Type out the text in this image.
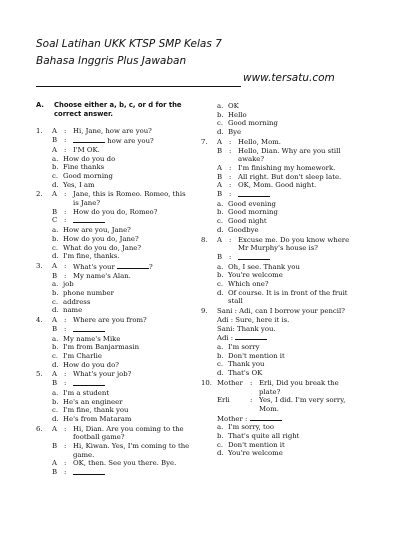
Soal Latihan UKK KTSP SMP Kelas 7
Bahasa Inggris Plus Jawaban
www.tersatu.com
A.	Choose either a, b, c, or d for the correct answer.
1.	A	: Hi, Jane, how are you?
B	:	how are you?
A	: I'M OK.
a. How do you do
b. Fine thanks
c. Good morning
d. Yes, I am
2.	A	: Jane, this is Romeo. Romeo, this
is Jane?
B	: How do you do, Romeo?
C :
a. How are you, Jane?
b. How do you do, Jane?
c. What do you do, Jane?
d. I'm fine, thanks.
3.	A	: What's your	?
B	: My name's Alan.
a. job
b. phone number
c. address
d. name
4.	A	: Where are you from?
B	:
a. My name's Mike
b. I'm from Banjarmasin
c. I'm Charlie
d. How do you do?
5.	A	: What's your job?
B	:
a. I'm a student
b. He's an engineer
c. I'm fine, thank you
d. He's from Mataram
6.	A	: Hi, Dian. Are you coming to the
football game?
B	: Hi, Kiwan. Yes, I'm coming to the
game.
A	: OK, then. See you there. Bye.
B	:
a. OK
b. Hello
c. Good morning
d. Bye
7.	A	: Hello, Mom.
B	: Hello, Dian. Why are you still
awake?
A	: I'm finishing my homework.
B	: All right. But don't sleep late.
A	: OK, Mom. Good night.
B	:
a. Good evening
b. Good morning
c. Good night
d. Goodbye
8.	A	: Excuse me. Do you know where
Mr Murphy's house is?
B	:
a. Oh, I see. Thank you
b. You're welcome
c. Which one?
d. Of course. It is in front of the fruit
stall
9.	Sani : Adi, can I borrow your pencil?
Adi : Sure, here it is.
Sani: Thank you.
Adi :
a. I'm sorry
b. Don't mention it
c. Thank you
d. That's OK
10. Mother	: Erli, Did you break the
plate?
Erli	: Yes, I did. I'm very sorry,
Mom.
Mother :
a. I'm sorry, too
b. That's quite all right
c. Don't mention it
d. You're welcome
